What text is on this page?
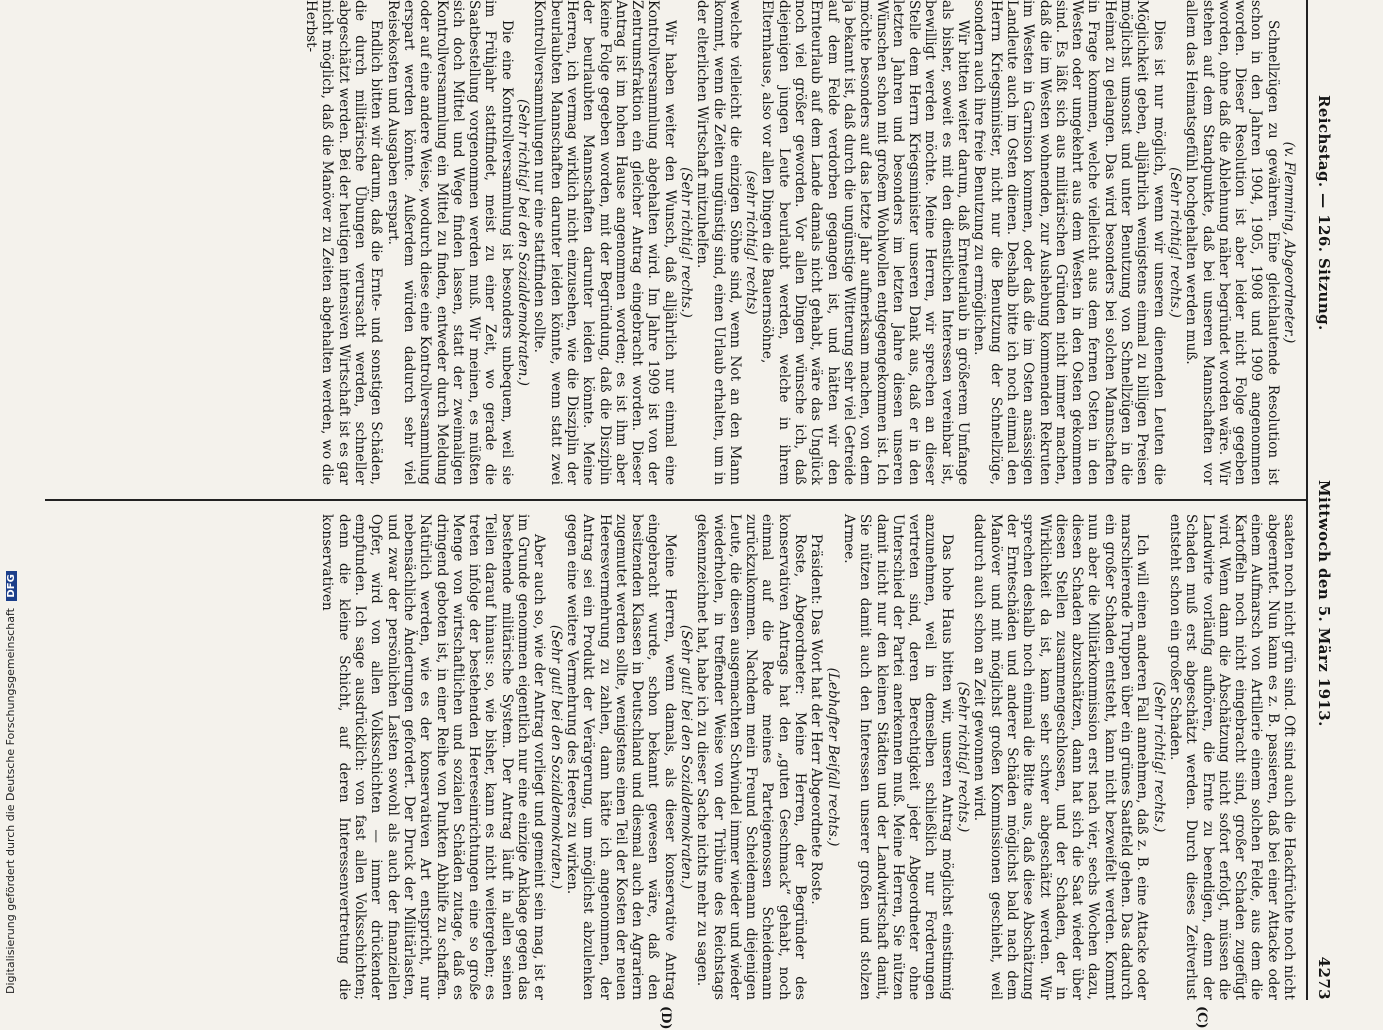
Reichstag. — 126. Sitzung.
Mittwoch den 5. März 1913.
4273

(v. Flemming, Abgeordneter.)

Schnellzügen zu gewähren. Eine gleichlautende Resolution ist schon in den Jahren 1904, 1905, 1908 und 1909 angenommen worden. Dieser Resolution ist aber leider nicht Folge gegeben worden, ohne daß die Ablehnung näher begründet worden wäre. Wir stehen auf dem Standpunkte, daß bei unseren Mannschaften vor allem das Heimatsgefühl hochgehalten werden muß.

(Sehr richtig! rechts.)

Dies ist nur möglich, wenn wir unseren dienenden Leuten die Möglichkeit geben, alljährlich wenigstens einmal zu billigen Preisen möglichst umsonst und unter Benutzung von Schnellzügen in die Heimat zu gelangen. Das wird besonders bei solchen Mannschaften in Frage kommen, welche vielleicht aus dem fernen Osten in den Westen oder umgekehrt aus dem Westen in den Osten gekommen sind. Es läßt sich aus militärischen Gründen nicht immer machen, daß die im Westen wohnenden, zur Aushebung kommenden Rekruten im Westen in Garnison kommen, oder daß die im Osten ansässigen Landleute auch im Osten dienen. Deshalb bitte ich noch einmal den Herrn Kriegsminister, nicht nur die Benutzung der Schnellzüge, sondern auch ihre freie Benutzung zu ermöglichen.

Wir bitten weiter darum, daß Ernteurlaub in größerem Umfange als bisher, soweit es mit den dienstlichen Interessen vereinbar ist, bewilligt werden möchte. Meine Herren, wir sprechen an dieser Stelle dem Herrn Kriegsminister unseren Dank aus, daß er in den letzten Jahren und besonders im letzten Jahre diesen unseren Wünschen schon mit großem Wohlwollen entgegengekommen ist. Ich möchte besonders auf das letzte Jahr aufmerksam machen, von dem ja bekannt ist, daß durch die ungünstige Witterung sehr viel Getreide auf dem Felde verdorben gegangen ist, und hätten wir den Ernteurlaub auf dem Lande damals nicht gehabt, wäre das Unglück noch viel größer geworden. Vor allen Dingen wünsche ich, daß diejenigen jungen Leute beurlaubt werden, welche in ihrem Elternhause, also vor allen Dingen die Bauernsöhne,

(sehr richtig! rechts)

welche vielleicht die einzigen Söhne sind, wenn Not an den Mann kommt, wenn die Zeiten ungünstig sind, einen Urlaub erhalten, um in der elterlichen Wirtschaft mitzuhelfen.

(Sehr richtig! rechts.)

Wir haben weiter den Wunsch, daß alljährlich nur einmal eine Kontrollversammlung abgehalten wird. Im Jahre 1909 ist von der Zentrumsfraktion ein gleicher Antrag eingebracht worden. Dieser Antrag ist im hohen Hause angenommen worden; es ist ihm aber keine Folge gegeben worden, mit der Begründung, daß die Disziplin der beurlaubten Mannschaften darunter leiden könnte. Meine Herren, ich vermag wirklich nicht einzusehen, wie die Disziplin der beurlaubten Mannschaften darunter leiden könnte, wenn statt zwei Kontrollversammlungen nur eine stattfinden sollte.

(Sehr richtig! bei den Sozialdemokraten.)

Die eine Kontrollversammlung ist besonders unbequem, weil sie im Frühjahr stattfindet, meist zu einer Zeit, wo gerade die Saatbestellung vorgenommen werden muß. Wir meinen, es müßten sich doch Mittel und Wege finden lassen, statt der zweimaligen Kontrollversammlung ein Mittel zu finden, entweder durch Meldung oder auf eine andere Weise, wodurch diese eine Kontrollversammlung erspart werden könnte. Außerdem würden dadurch sehr viel Reisekosten und Ausgaben erspart.

Endlich bitten wir darum, daß die Ernte- und sonstigen Schäden, die durch militärische Übungen verursacht werden, schneller abgeschätzt werden. Bei der heutigen intensiven Wirtschaft ist es gar nicht möglich, daß die Manöver zu Zeiten abgehalten werden, wo die Herbst-

saaten noch nicht grün sind. Oft sind auch die Hackfrüchte noch nicht abgeerntet. Nun kann es z. B. passieren, daß bei einer Attacke oder einem Aufmarsch von Artillerie einem solchen Felde, aus dem die Kartoffeln noch nicht eingebracht sind, großer Schaden zugefügt wird. Wenn dann die Abschätzung nicht sofort erfolgt, müssen die Landwirte vorläufig aufhören, die Ernte zu beendigen, denn der Schaden muß erst abgeschätzt werden. Durch dieses Zeitverlust entsteht schon ein großer Schaden.

(Sehr richtig! rechts.)

Ich will einen anderen Fall annehmen, daß z. B. eine Attacke oder marschierende Truppen über ein grünes Saatfeld gehen. Das dadurch ein großer Schaden entsteht, kann nicht bezweifelt werden. Kommt nun aber die Militärkommission erst nach vier, sechs Wochen dazu, diesen Schaden abzuschätzen, dann hat sich die Saat wieder über diesen Stellen zusammengeschlossen, und der Schaden, der in Wirklichkeit da ist, kann sehr schwer abgeschätzt werden. Wir sprechen deshalb noch einmal die Bitte aus, daß diese Abschätzung der Ernteschäden und anderer Schäden möglichst bald nach dem Manöver und mit möglichst großen Kommissionen geschieht, weil dadurch auch schon an Zeit gewonnen wird.

(Sehr richtig! rechts.)

Das hohe Haus bitten wir, unseren Antrag möglichst einstimmig anzunehmen, weil in demselben schließlich nur Forderungen vertreten sind, deren Berechtigkeit jeder Abgeordneter ohne Unterschied der Partei anerkennen muß. Meine Herren, Sie nützen damit nicht nur den kleinen Städten und der Landwirtschaft damit, Sie nützen damit auch den Interessen unserer großen und stolzen Armee.

(Lebhafter Beifall rechts.)

Präsident: Das Wort hat der Herr Abgeordnete Roste.

Roste, Abgeordneter: Meine Herren, der Begründer des konservativen Antrags hat den „guten Geschmack“ gehabt, noch einmal auf die Rede meines Parteigenossen Scheidemann zurückzukommen. Nachdem mein Freund Scheidemann diejenigen Leute, die diesen ausgemachten Schwindel immer wieder und wieder wiederholen, in treffender Weise von der Tribüne des Reichstags gekennzeichnet hat, habe ich zu dieser Sache nichts mehr zu sagen.

(Sehr gut! bei den Sozialdemokraten.)

Meine Herren, wenn damals, als dieser konservative Antrag eingebracht wurde, schon bekannt gewesen wäre, daß den besitzenden Klassen in Deutschland und diesmal auch den Agrariern zugemutet werden sollte, wenigstens einen Teil der Kosten der neuen Heeresvermehrung zu zahlen, dann hätte ich angenommen, der Antrag sei ein Produkt der Verärgerung, um möglichst abzulenken gegen eine weitere Vermehrung des Heeres zu wirken.

(Sehr gut! bei den Sozialdemokraten.)

Aber auch so, wie der Antrag vorliegt und gemeint sein mag, ist er im Grunde genommen eigentlich nur eine einzige Anklage gegen das bestehende militärische System. Der Antrag läuft in allen seinen Teilen darauf hinaus: so, wie bisher, kann es nicht weitergehen; es treten infolge der bestehenden Heereseinrichtungen eine so große Menge von wirtschaftlichen und sozialen Schäden zutage, daß es dringend geboten ist, in einer Reihe von Punkten Abhilfe zu schaffen. Natürlich werden, wie es der konservativen Art entspricht, nur nebensächliche Änderungen gefordert. Der Druck der Militärlasten, und zwar der persönlichen Lasten sowohl als auch der finanziellen Opfer, wird von allen Volksschichten — immer drückender empfunden. Ich sage ausdrücklich: von fast allen Volksschichten; denn die kleine Schicht, auf deren Interessenvertretung die konservativen

(C)
(D)
Digitalisierung gefördert durch die Deutsche Forschungsgemeinschaft DFG
